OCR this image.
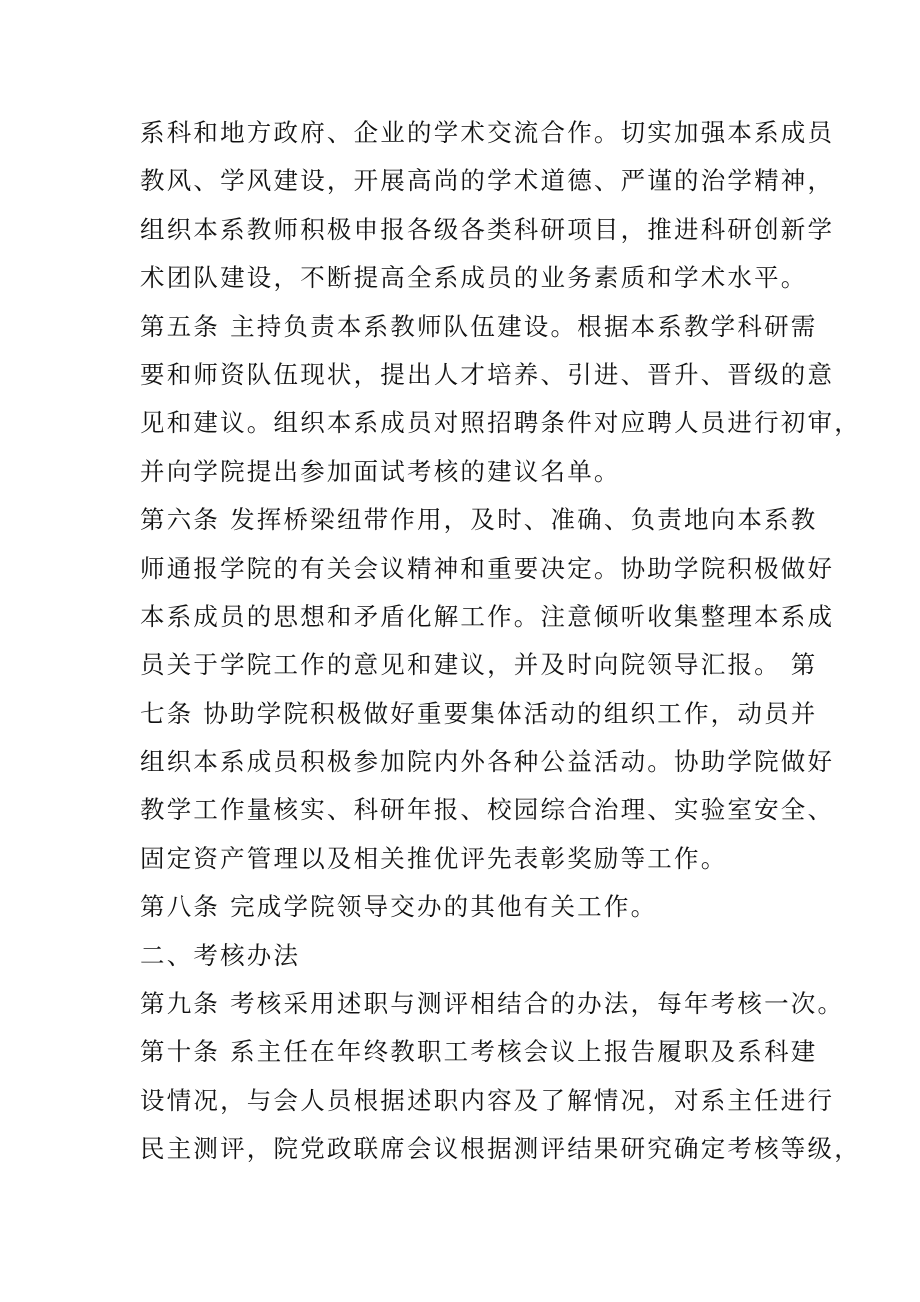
系科和地方政府、企业的学术交流合作。切实加强本系成员
教风、学风建设，开展高尚的学术道德、严谨的治学精神，
组织本系教师积极申报各级各类科研项目，推进科研创新学
术团队建设，不断提高全系成员的业务素质和学术水平。
第五条 主持负责本系教师队伍建设。根据本系教学科研需
要和师资队伍现状，提出人才培养、引进、晋升、晋级的意
见和建议。组织本系成员对照招聘条件对应聘人员进行初审，
并向学院提出参加面试考核的建议名单。
第六条 发挥桥梁纽带作用，及时、准确、负责地向本系教
师通报学院的有关会议精神和重要决定。协助学院积极做好
本系成员的思想和矛盾化解工作。注意倾听收集整理本系成
员关于学院工作的意见和建议，并及时向院领导汇报。 第
七条 协助学院积极做好重要集体活动的组织工作，动员并
组织本系成员积极参加院内外各种公益活动。协助学院做好
教学工作量核实、科研年报、校园综合治理、实验室安全、
固定资产管理以及相关推优评先表彰奖励等工作。
第八条 完成学院领导交办的其他有关工作。
二、考核办法
第九条 考核采用述职与测评相结合的办法，每年考核一次。
第十条 系主任在年终教职工考核会议上报告履职及系科建
设情况，与会人员根据述职内容及了解情况，对系主任进行
民主测评，院党政联席会议根据测评结果研究确定考核等级，
